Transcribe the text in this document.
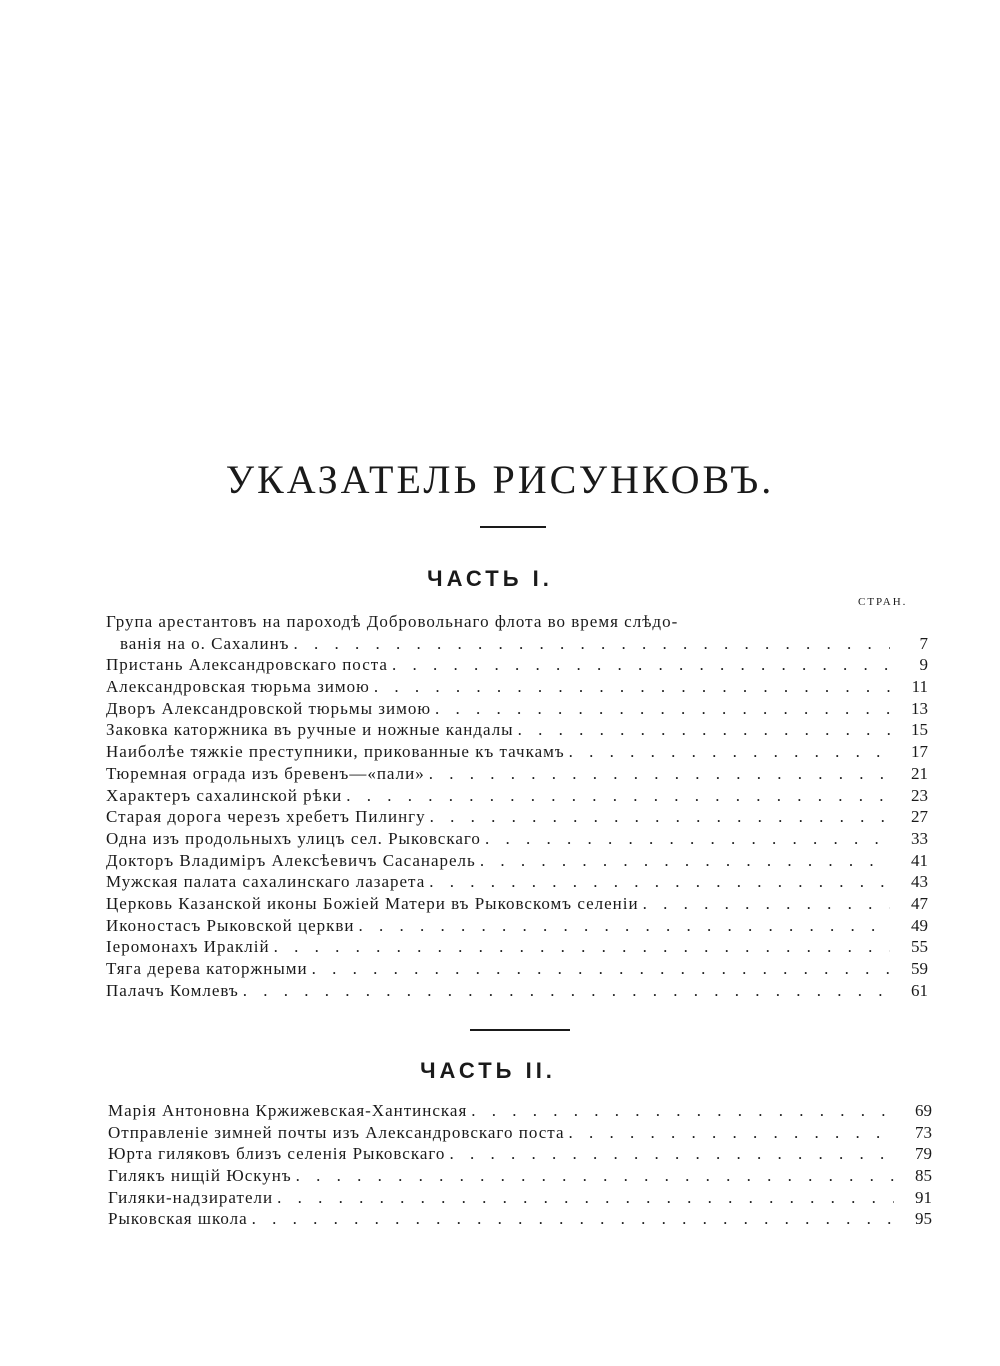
УКАЗАТЕЛЬ РИСУНКОВЪ.
ЧАСТЬ I.
СТРАН.
Група арестантовъ на пароходѣ Добровольнаго флота во время слѣдо-
ванія на о. Сахалинъ . . .	7
Пристань Александровскаго поста . . .	9
Александровская тюрьма зимою . . .	11
Дворъ Александровской тюрьмы зимою . . .	13
Заковка каторжника въ ручные и ножные кандалы . . .	15
Наиболѣе тяжкіе преступники, прикованные къ тачкамъ . . .	17
Тюремная ограда изъ бревенъ—«пали» . . .	21
Характеръ сахалинской рѣки . . .	23
Старая дорога черезъ хребетъ Пилингу . . .	27
Одна изъ продольныхъ улицъ сел. Рыковскаго . . .	33
Докторъ Владиміръ Алексѣевичъ Сасанарель . . .	41
Мужская палата сахалинскаго лазарета . . .	43
Церковь Казанской иконы Божіей Матери въ Рыковскомъ селеніи . . .	47
Иконостасъ Рыковской церкви . . .	49
Іеромонахъ Ираклій . . .	55
Тяга дерева каторжными . . .	59
Палачъ Комлевъ . . .	61
ЧАСТЬ II.
Марія Антоновна Кржижевская-Хантинская . . .	69
Отправленіе зимней почты изъ Александровскаго поста . . .	73
Юрта гиляковъ близъ селенія Рыковскаго . . .	79
Гилякъ нищій Юскунъ . . .	85
Гиляки-надзиратели . . .	91
Рыковская школа . . .	95
